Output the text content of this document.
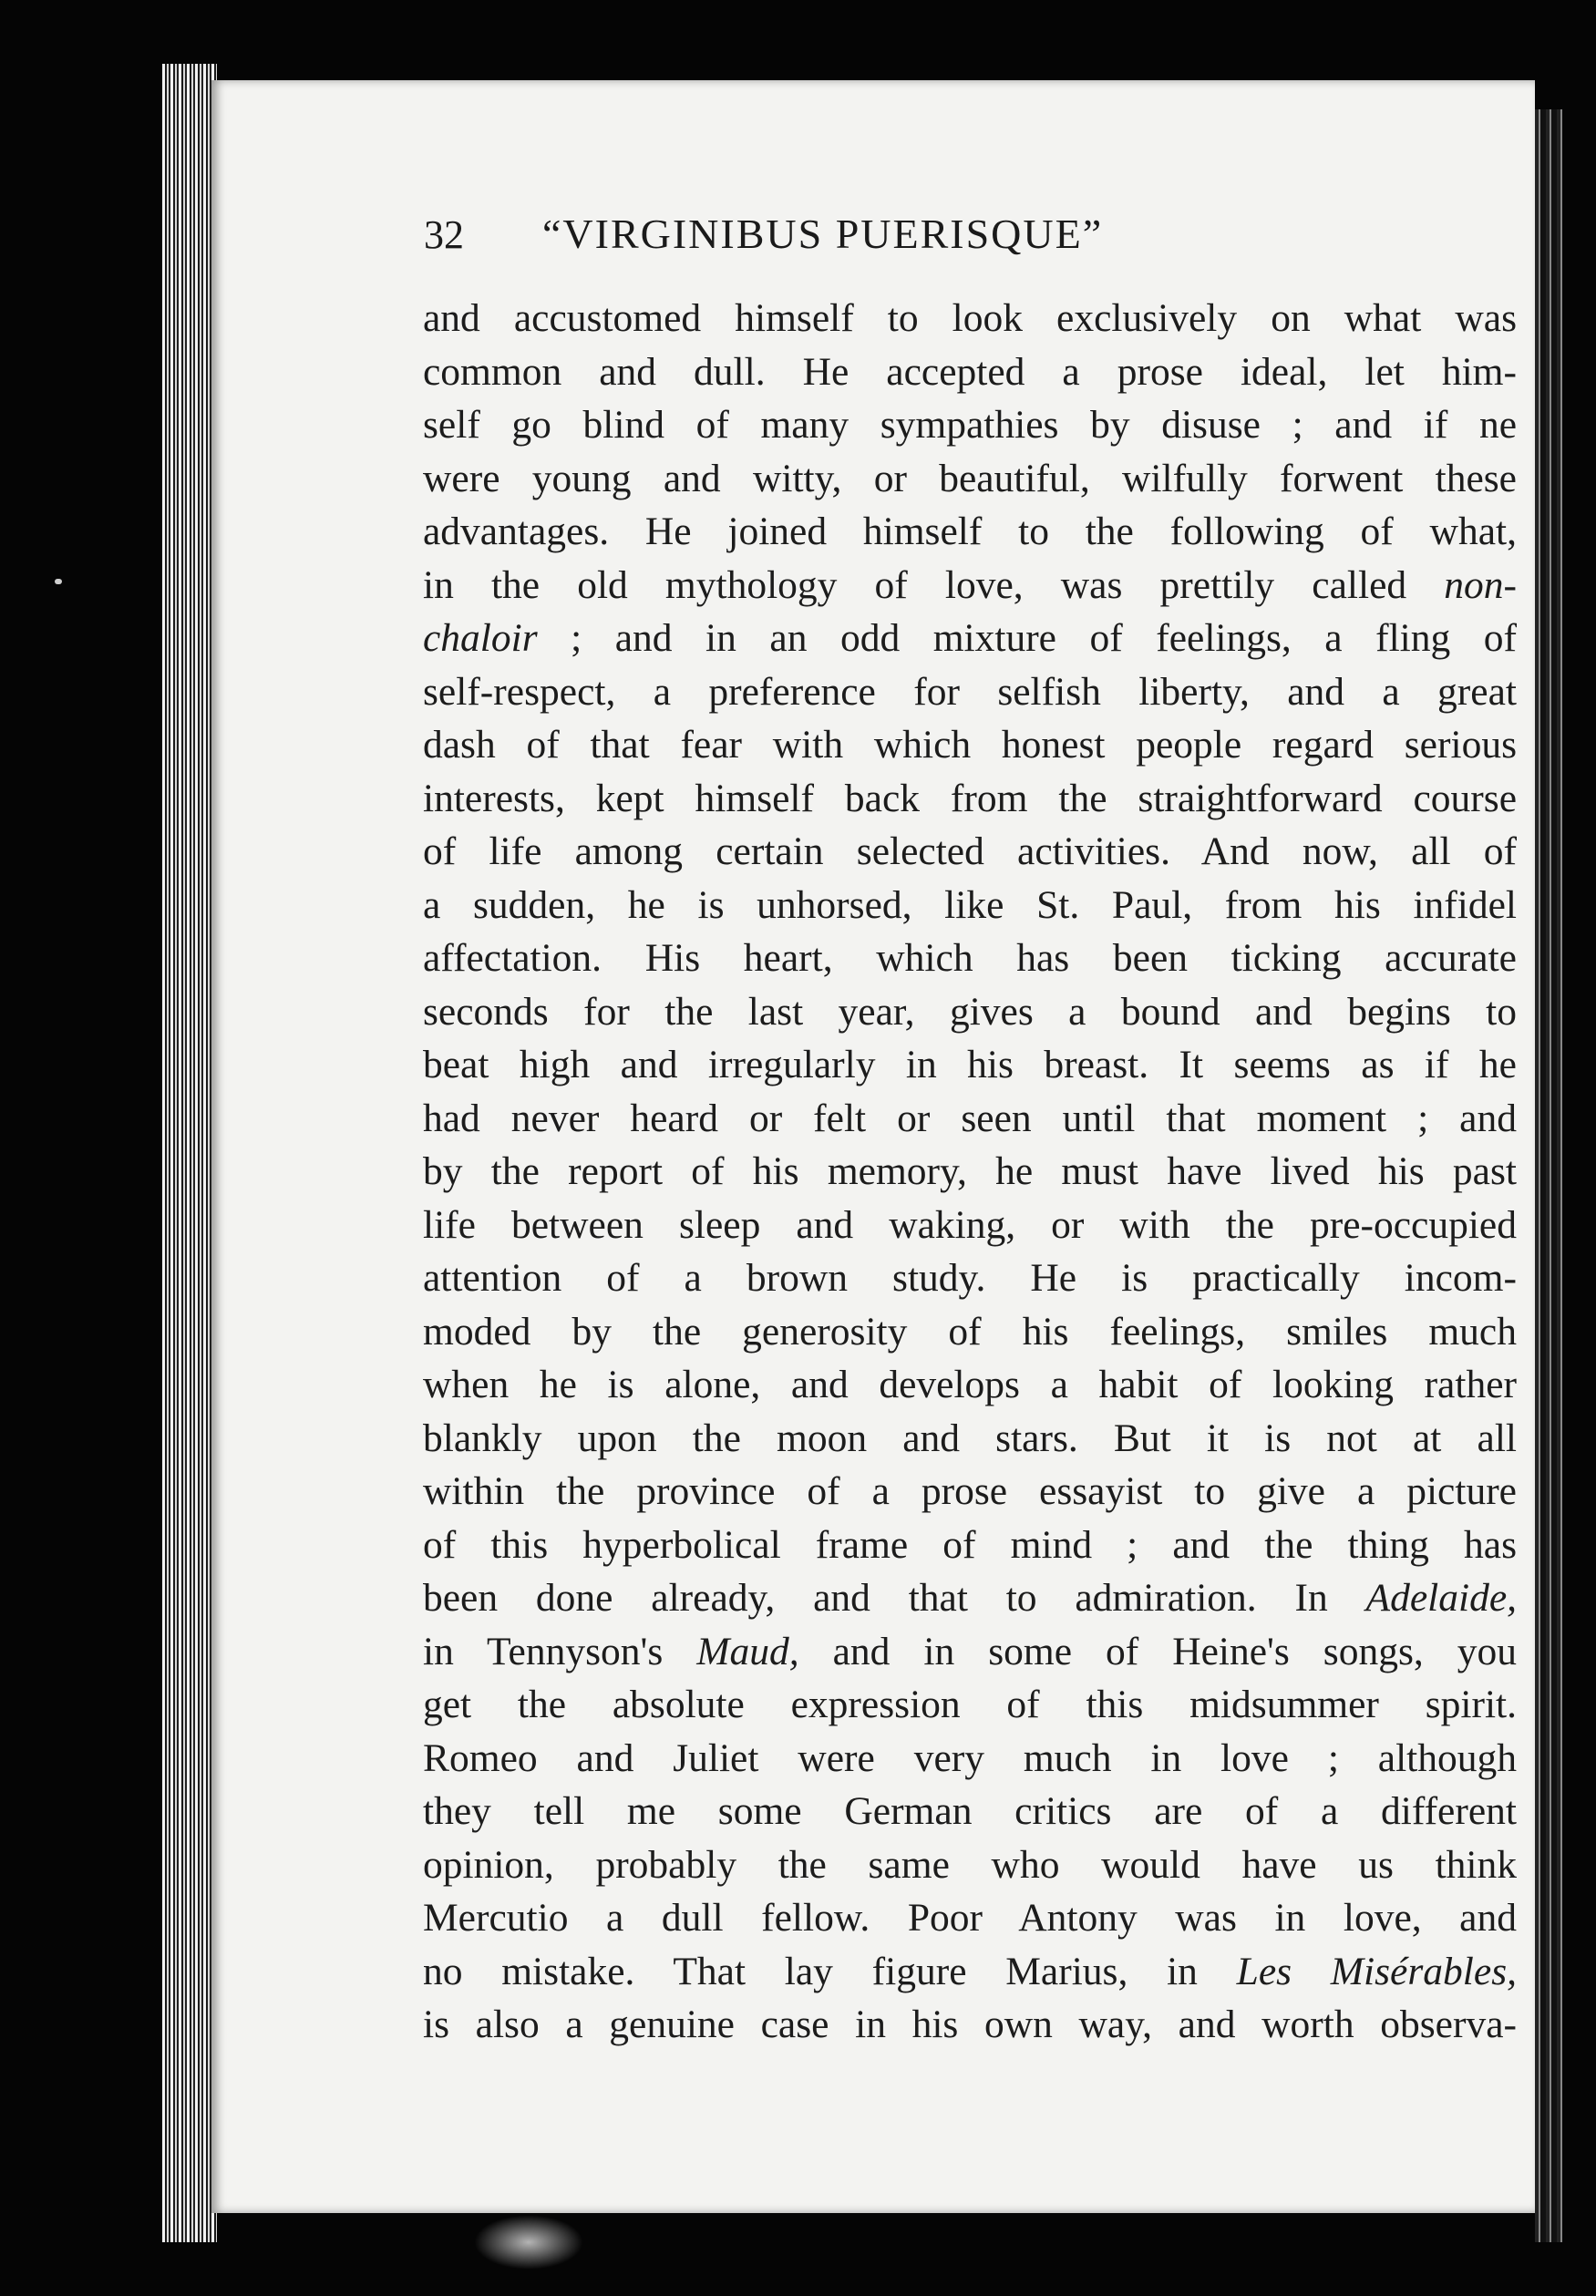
32	“VIRGINIBUS PUERISQUE”
and accustomed himself to look exclusively on what was
common and dull. He accepted a prose ideal, let him-
self go blind of many sympathies by disuse ; and if ne
were young and witty, or beautiful, wilfully forwent these
advantages. He joined himself to the following of what,
in the old mythology of love, was prettily called non-
chaloir ; and in an odd mixture of feelings, a fling of
self-respect, a preference for selfish liberty, and a great
dash of that fear with which honest people regard serious
interests, kept himself back from the straightforward course
of life among certain selected activities. And now, all of
a sudden, he is unhorsed, like St. Paul, from his infidel
affectation. His heart, which has been ticking accurate
seconds for the last year, gives a bound and begins to
beat high and irregularly in his breast. It seems as if he
had never heard or felt or seen until that moment ; and
by the report of his memory, he must have lived his past
life between sleep and waking, or with the pre-occupied
attention of a brown study. He is practically incom-
moded by the generosity of his feelings, smiles much
when he is alone, and develops a habit of looking rather
blankly upon the moon and stars. But it is not at all
within the province of a prose essayist to give a picture
of this hyperbolical frame of mind ; and the thing has
been done already, and that to admiration. In Adelaide,
in Tennyson's Maud, and in some of Heine's songs, you
get the absolute expression of this midsummer spirit.
Romeo and Juliet were very much in love ; although
they tell me some German critics are of a different
opinion, probably the same who would have us think
Mercutio a dull fellow. Poor Antony was in love, and
no mistake. That lay figure Marius, in Les Misérables,
is also a genuine case in his own way, and worth observa-
